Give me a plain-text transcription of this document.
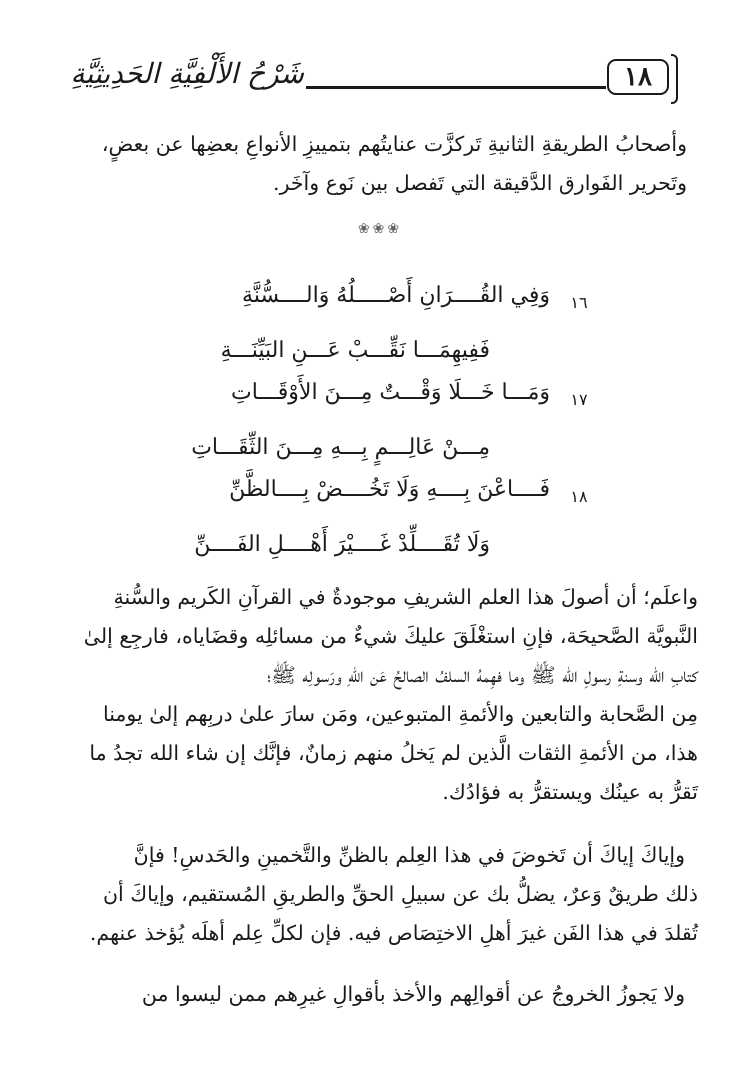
١٨
شَرْحُ الأَلْفِيَّةِ الحَدِيثِيَّةِ

وأصحابُ الطريقةِ الثانيةِ تَركزَّت عنايتُهم بتمييزِ الأنواعِ بعضِها عن بعضٍ،

وتَحرير الفَوارق الدَّقيقة التي تَفصل بين نَوع وآخَر.

❀❀❀
١٦
وَفِي القُــــرَانِ أَصْـــــلُهُ وَالــــسُّنَّةِ
فَفِيهِمَـــا نَقِّـــبْ عَـــنِ البَيِّنَـــةِ
١٧
وَمَـــا خَـــلَا وَقْـــتٌ مِـــنَ الأَوْقَـــاتِ
مِـــنْ عَالِـــمٍ بِـــهِ مِـــنَ الثِّقَـــاتِ
١٨
فَــــاعْنَ بِــــهِ وَلَا تَخُــــضْ بِــــالظَّنِّ
وَلَا تُقَــــلِّدْ غَــــيْرَ أَهْــــلِ الفَــــنِّ

واعلَم؛ أن أصولَ هذا العلم الشريفِ موجودةٌ في القرآنِ الكَريم والسُّنةِ

النَّبويَّة الصَّحيحَة، فإنِ استغْلَقَ عليكَ شيءٌ من مسائلِه وقضَاياه، فارجِع إلىٰ

كتابِ الله وسنةِ رسولِ الله ﷺ وما فهِمهُ السلفُ الصالحُ عَن اللهِ ورَسولِه ﷺ؛

مِن الصَّحابة والتابعين والأئمةِ المتبوعين، ومَن سارَ علىٰ دربِهم إلىٰ يومنا

هذا، من الأئمةِ الثقات الَّذين لم يَخلُ منهم زمانٌ، فإنَّك إن شاء الله تجدُ ما

تَقرُّ به عينُك ويستقرُّ به فؤادُك.

وإياكَ إياكَ أن تَخوضَ في هذا العِلم بالظنِّ والتَّخمينِ والحَدسِ! فإنَّ

ذلك طريقٌ وَعرٌ، يضلُّ بك عن سبيلِ الحقِّ والطريقِ المُستقيم، وإياكَ أن

تُقلدَ في هذا الفَن غيرَ أهلِ الاختِصَاص فيه. فإن لكلِّ عِلم أهلَه يُؤخذ عنهم.

ولا يَجوزُ الخروجُ عن أقوالِهم والأخذ بأقوالِ غيرِهم ممن ليسوا من
